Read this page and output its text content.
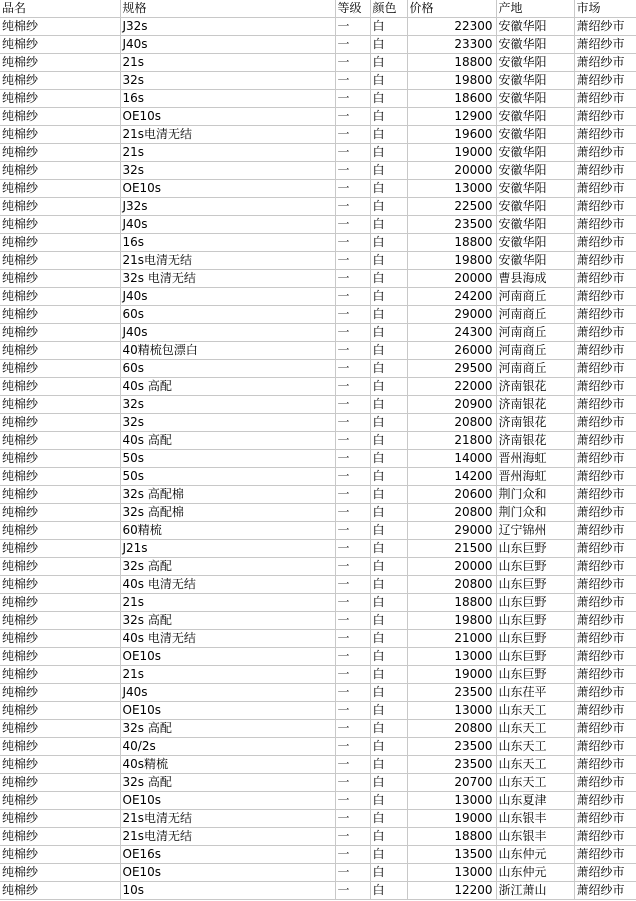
品名	规格	等级	颜色	价格	产地	市场
纯棉纱	J32s	一	白	22300	安徽华阳	萧绍纱市
纯棉纱	J40s	一	白	23300	安徽华阳	萧绍纱市
纯棉纱	21s	一	白	18800	安徽华阳	萧绍纱市
纯棉纱	32s	一	白	19800	安徽华阳	萧绍纱市
纯棉纱	16s	一	白	18600	安徽华阳	萧绍纱市
纯棉纱	OE10s	一	白	12900	安徽华阳	萧绍纱市
纯棉纱	21s电清无结	一	白	19600	安徽华阳	萧绍纱市
纯棉纱	21s	一	白	19000	安徽华阳	萧绍纱市
纯棉纱	32s	一	白	20000	安徽华阳	萧绍纱市
纯棉纱	OE10s	一	白	13000	安徽华阳	萧绍纱市
纯棉纱	J32s	一	白	22500	安徽华阳	萧绍纱市
纯棉纱	J40s	一	白	23500	安徽华阳	萧绍纱市
纯棉纱	16s	一	白	18800	安徽华阳	萧绍纱市
纯棉纱	21s电清无结	一	白	19800	安徽华阳	萧绍纱市
纯棉纱	32s 电清无结	一	白	20000	曹县海成	萧绍纱市
纯棉纱	J40s	一	白	24200	河南商丘	萧绍纱市
纯棉纱	60s	一	白	29000	河南商丘	萧绍纱市
纯棉纱	J40s	一	白	24300	河南商丘	萧绍纱市
纯棉纱	40精梳包漂白	一	白	26000	河南商丘	萧绍纱市
纯棉纱	60s	一	白	29500	河南商丘	萧绍纱市
纯棉纱	40s 高配	一	白	22000	济南银花	萧绍纱市
纯棉纱	32s	一	白	20900	济南银花	萧绍纱市
纯棉纱	32s	一	白	20800	济南银花	萧绍纱市
纯棉纱	40s 高配	一	白	21800	济南银花	萧绍纱市
纯棉纱	50s	一	白	14000	晋州海虹	萧绍纱市
纯棉纱	50s	一	白	14200	晋州海虹	萧绍纱市
纯棉纱	32s 高配棉	一	白	20600	荆门众和	萧绍纱市
纯棉纱	32s 高配棉	一	白	20800	荆门众和	萧绍纱市
纯棉纱	60精梳	一	白	29000	辽宁锦州	萧绍纱市
纯棉纱	J21s	一	白	21500	山东巨野	萧绍纱市
纯棉纱	32s 高配	一	白	20000	山东巨野	萧绍纱市
纯棉纱	40s 电清无结	一	白	20800	山东巨野	萧绍纱市
纯棉纱	21s	一	白	18800	山东巨野	萧绍纱市
纯棉纱	32s 高配	一	白	19800	山东巨野	萧绍纱市
纯棉纱	40s 电清无结	一	白	21000	山东巨野	萧绍纱市
纯棉纱	OE10s	一	白	13000	山东巨野	萧绍纱市
纯棉纱	21s	一	白	19000	山东巨野	萧绍纱市
纯棉纱	J40s	一	白	23500	山东茌平	萧绍纱市
纯棉纱	OE10s	一	白	13000	山东天工	萧绍纱市
纯棉纱	32s 高配	一	白	20800	山东天工	萧绍纱市
纯棉纱	40/2s	一	白	23500	山东天工	萧绍纱市
纯棉纱	40s精梳	一	白	23500	山东天工	萧绍纱市
纯棉纱	32s 高配	一	白	20700	山东天工	萧绍纱市
纯棉纱	OE10s	一	白	13000	山东夏津	萧绍纱市
纯棉纱	21s电清无结	一	白	19000	山东银丰	萧绍纱市
纯棉纱	21s电清无结	一	白	18800	山东银丰	萧绍纱市
纯棉纱	OE16s	一	白	13500	山东仲元	萧绍纱市
纯棉纱	OE10s	一	白	13000	山东仲元	萧绍纱市
纯棉纱	10s	一	白	12200	浙江萧山	萧绍纱市
